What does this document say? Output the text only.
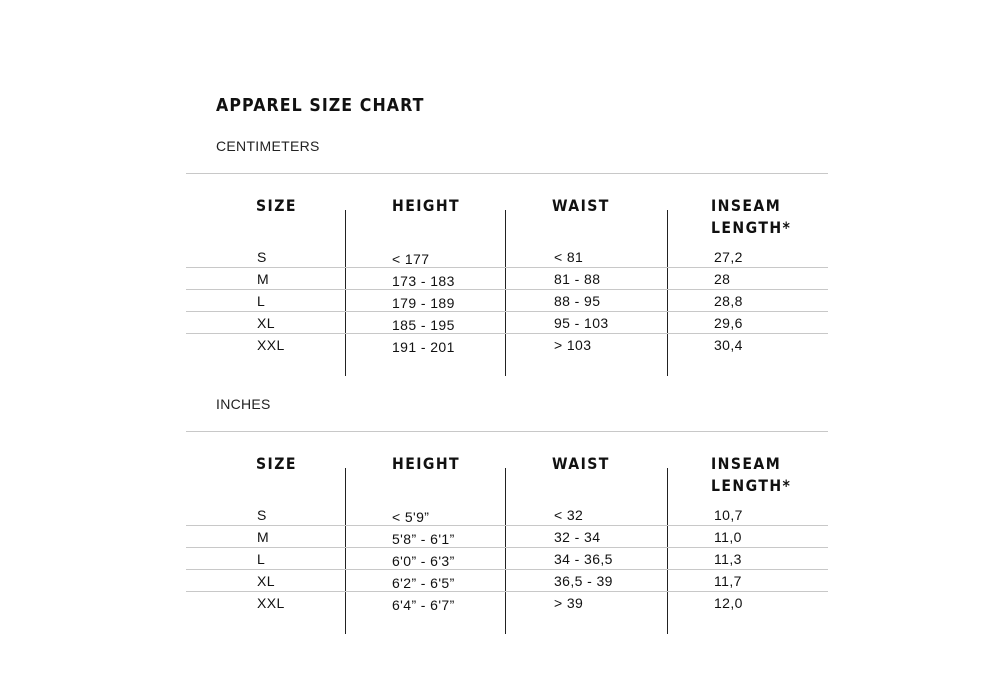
APPAREL SIZE CHART
CENTIMETERS
SIZE	HEIGHT	WAIST	INSEAM
LENGTH*
S	< 177	< 81	27,2
M	173 - 183	81 - 88	28
L	179 - 189	88 - 95	28,8
XL	185 - 195	95 - 103	29,6
XXL	191 - 201	> 103	30,4
INCHES
SIZE	HEIGHT	WAIST	INSEAM
LENGTH*
S	< 5'9”	< 32	10,7
M	5'8” - 6'1”	32 - 34	11,0
L	6'0” - 6'3”	34 - 36,5	11,3
XL	6'2” - 6'5”	36,5 - 39	11,7
XXL	6'4” - 6'7”	> 39	12,0
